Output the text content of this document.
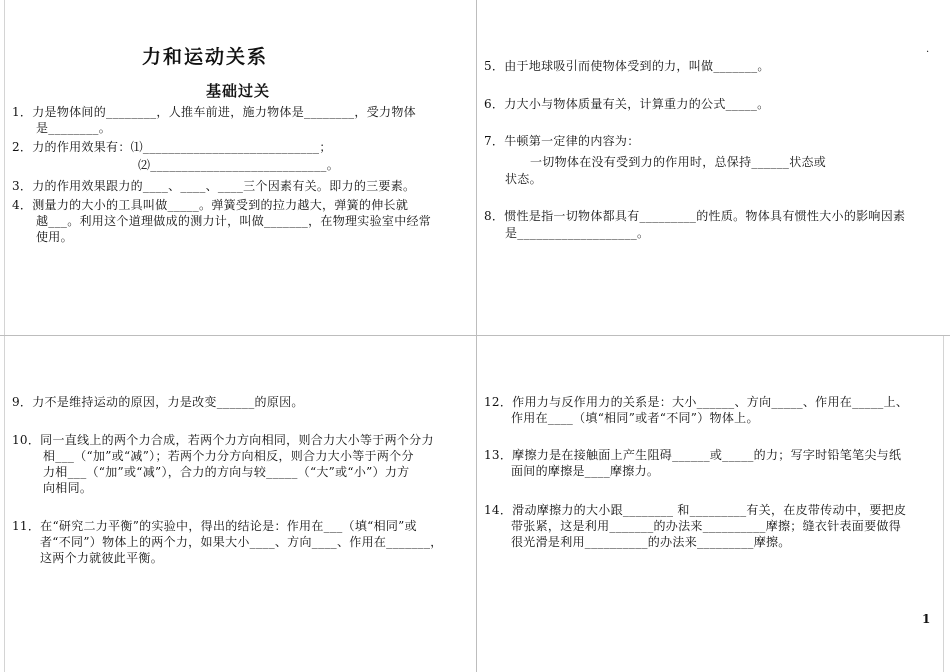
力和运动关系
基础过关
1．力是物体间的________，人推车前进，施力物体是________，受力物体
是________。
2．力的作用效果有：⑴____________________________；
⑵____________________________。
3．力的作用效果跟力的____、____、____三个因素有关。即力的三要素。
4．测量力的大小的工具叫做_____。弹簧受到的拉力越大，弹簧的伸长就
越___。利用这个道理做成的测力计，叫做_______，在物理实验室中经常
使用。
.
5．由于地球吸引而使物体受到的力，叫做_______。
6．力大小与物体质量有关，计算重力的公式_____。
7．牛顿第一定律的内容为：
一切物体在没有受到力的作用时，总保持______状态或
状态。
8．惯性是指一切物体都具有_________的性质。物体具有惯性大小的影响因素
是___________________。
9．力不是维持运动的原因，力是改变______的原因。
10．同一直线上的两个力合成，若两个力方向相同，则合力大小等于两个分力
相___（“加”或“减”）；若两个力分方向相反，则合力大小等于两个分
力相___（“加”或“减”），合力的方向与较_____（“大”或“小”）力方
向相同。
11．在“研究二力平衡”的实验中，得出的结论是：作用在___（填“相同”或
者“不同”）物体上的两个力，如果大小____、方向____、作用在_______，
这两个力就彼此平衡。
12．作用力与反作用力的关系是：大小______、方向_____、作用在_____上、
作用在____（填“相同”或者“不同”）物体上。
13．摩擦力是在接触面上产生阻碍______或_____的力；写字时铅笔笔尖与纸
面间的摩擦是____摩擦力。
14．滑动摩擦力的大小跟________ 和_________有关，在皮带传动中，要把皮
带张紧，这是利用_______的办法来__________摩擦；缝衣针表面要做得
很光滑是利用__________的办法来_________摩擦。
1
